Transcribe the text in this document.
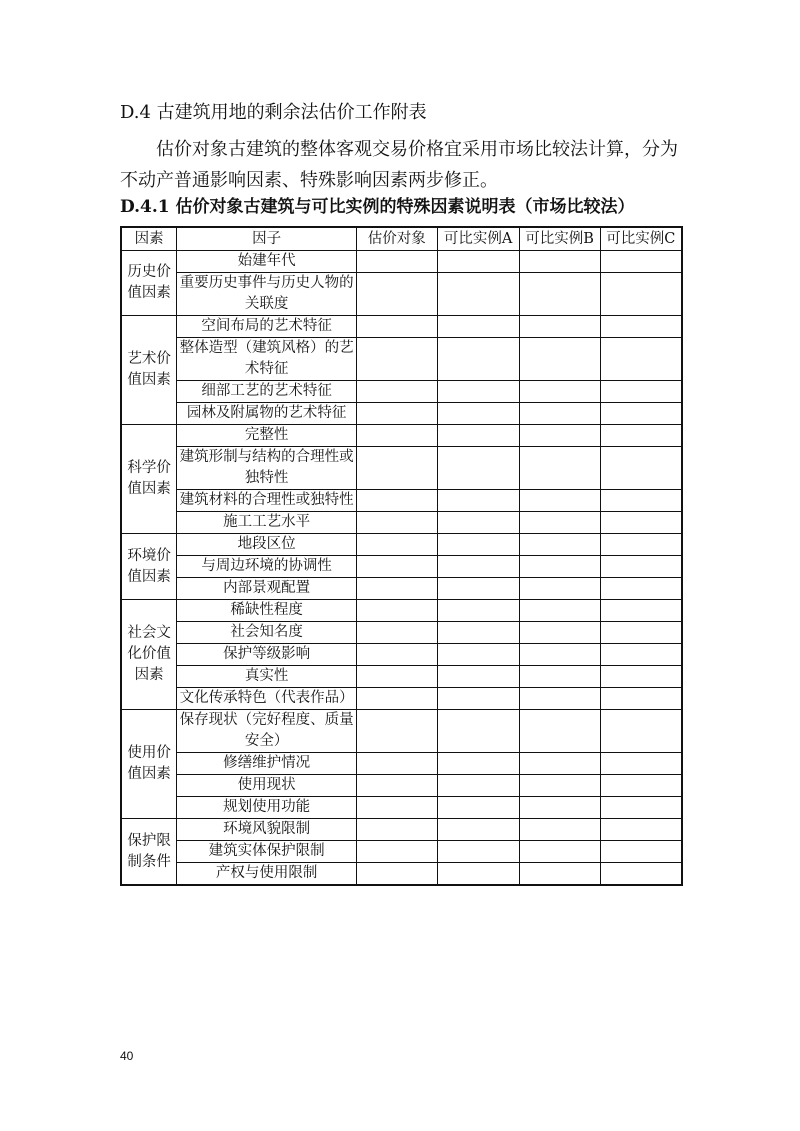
D.4 古建筑用地的剩余法估价工作附表
估价对象古建筑的整体客观交易价格宜采用市场比较法计算，分为不动产普通影响因素、特殊影响因素两步修正。
D.4.1 估价对象古建筑与可比实例的特殊因素说明表（市场比较法）
因素	因子	估价对象	可比实例A	可比实例B	可比实例C
历史价值因素	始建年代				
	重要历史事件与历史人物的关联度				
艺术价值因素	空间布局的艺术特征				
	整体造型（建筑风格）的艺术特征				
	细部工艺的艺术特征				
	园林及附属物的艺术特征				
科学价值因素	完整性				
	建筑形制与结构的合理性或独特性				
	建筑材料的合理性或独特性				
	施工工艺水平				
环境价值因素	地段区位				
	与周边环境的协调性				
	内部景观配置				
社会文化价值因素	稀缺性程度				
	社会知名度				
	保护等级影响				
	真实性				
	文化传承特色（代表作品）				
使用价值因素	保存现状（完好程度、质量安全）				
	修缮维护情况				
	使用现状				
	规划使用功能				
保护限制条件	环境风貌限制				
	建筑实体保护限制				
	产权与使用限制				
40
